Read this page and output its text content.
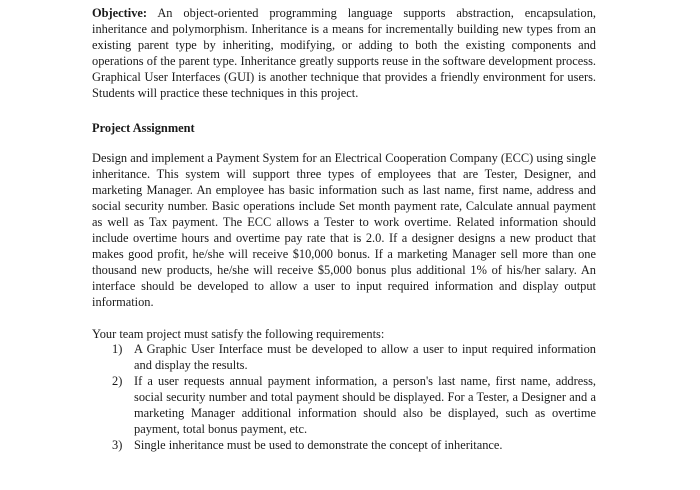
Objective: An object-oriented programming language supports abstraction, encapsulation, inheritance and polymorphism. Inheritance is a means for incrementally building new types from an existing parent type by inheriting, modifying, or adding to both the existing components and operations of the parent type. Inheritance greatly supports reuse in the software development process. Graphical User Interfaces (GUI) is another technique that provides a friendly environment for users. Students will practice these techniques in this project.

Project Assignment

Design and implement a Payment System for an Electrical Cooperation Company (ECC) using single inheritance. This system will support three types of employees that are Tester, Designer, and marketing Manager. An employee has basic information such as last name, first name, address and social security number. Basic operations include Set month payment rate, Calculate annual payment as well as Tax payment. The ECC allows a Tester to work overtime. Related information should include overtime hours and overtime pay rate that is 2.0. If a designer designs a new product that makes good profit, he/she will receive $10,000 bonus. If a marketing Manager sell more than one thousand new products, he/she will receive $5,000 bonus plus additional 1% of his/her salary. An interface should be developed to allow a user to input required information and display output information.

Your team project must satisfy the following requirements:

1) A Graphic User Interface must be developed to allow a user to input required information and display the results.
2) If a user requests annual payment information, a person's last name, first name, address, social security number and total payment should be displayed. For a Tester, a Designer and a marketing Manager additional information should also be displayed, such as overtime payment, total bonus payment, etc.
3) Single inheritance must be used to demonstrate the concept of inheritance.
